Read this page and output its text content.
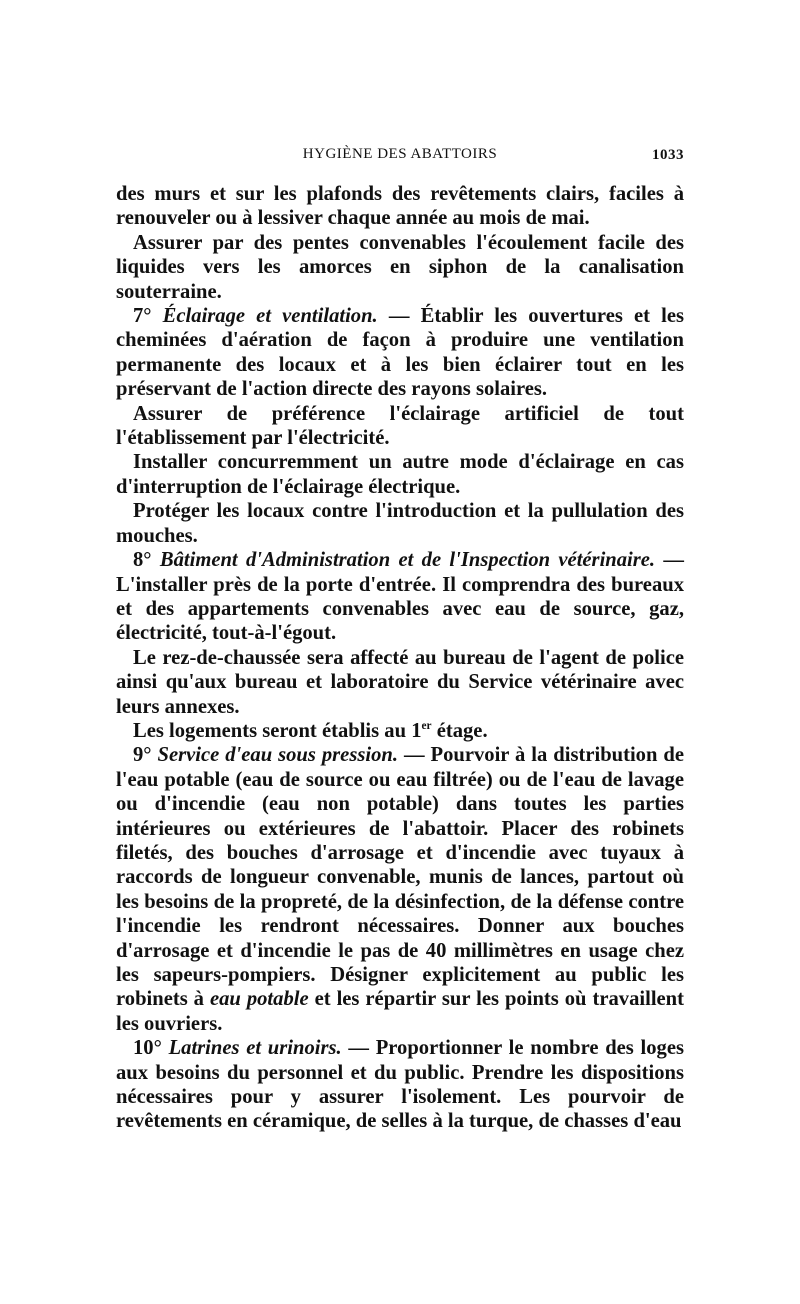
HYGIÈNE DES ABATTOIRS	1033

des murs et sur les plafonds des revêtements clairs, faciles à renouveler ou à lessiver chaque année au mois de mai.

Assurer par des pentes convenables l'écoulement facile des liquides vers les amorces en siphon de la canalisation souterraine.

7° Éclairage et ventilation. — Établir les ouvertures et les cheminées d'aération de façon à produire une ventilation permanente des locaux et à les bien éclairer tout en les préservant de l'action directe des rayons solaires.

Assurer de préférence l'éclairage artificiel de tout l'établissement par l'électricité.

Installer concurremment un autre mode d'éclairage en cas d'interruption de l'éclairage électrique.

Protéger les locaux contre l'introduction et la pullulation des mouches.

8° Bâtiment d'Administration et de l'Inspection vétérinaire. — L'installer près de la porte d'entrée. Il comprendra des bureaux et des appartements convenables avec eau de source, gaz, électricité, tout-à-l'égout.

Le rez-de-chaussée sera affecté au bureau de l'agent de police ainsi qu'aux bureau et laboratoire du Service vétérinaire avec leurs annexes.

Les logements seront établis au 1er étage.

9° Service d'eau sous pression. — Pourvoir à la distribution de l'eau potable (eau de source ou eau filtrée) ou de l'eau de lavage ou d'incendie (eau non potable) dans toutes les parties intérieures ou extérieures de l'abattoir. Placer des robinets filetés, des bouches d'arrosage et d'incendie avec tuyaux à raccords de longueur convenable, munis de lances, partout où les besoins de la propreté, de la désinfection, de la défense contre l'incendie les rendront nécessaires. Donner aux bouches d'arrosage et d'incendie le pas de 40 millimètres en usage chez les sapeurs-pompiers. Désigner explicitement au public les robinets à eau potable et les répartir sur les points où travaillent les ouvriers.

10° Latrines et urinoirs. — Proportionner le nombre des loges aux besoins du personnel et du public. Prendre les dispositions nécessaires pour y assurer l'isolement. Les pourvoir de revêtements en céramique, de selles à la turque, de chasses d'eau
